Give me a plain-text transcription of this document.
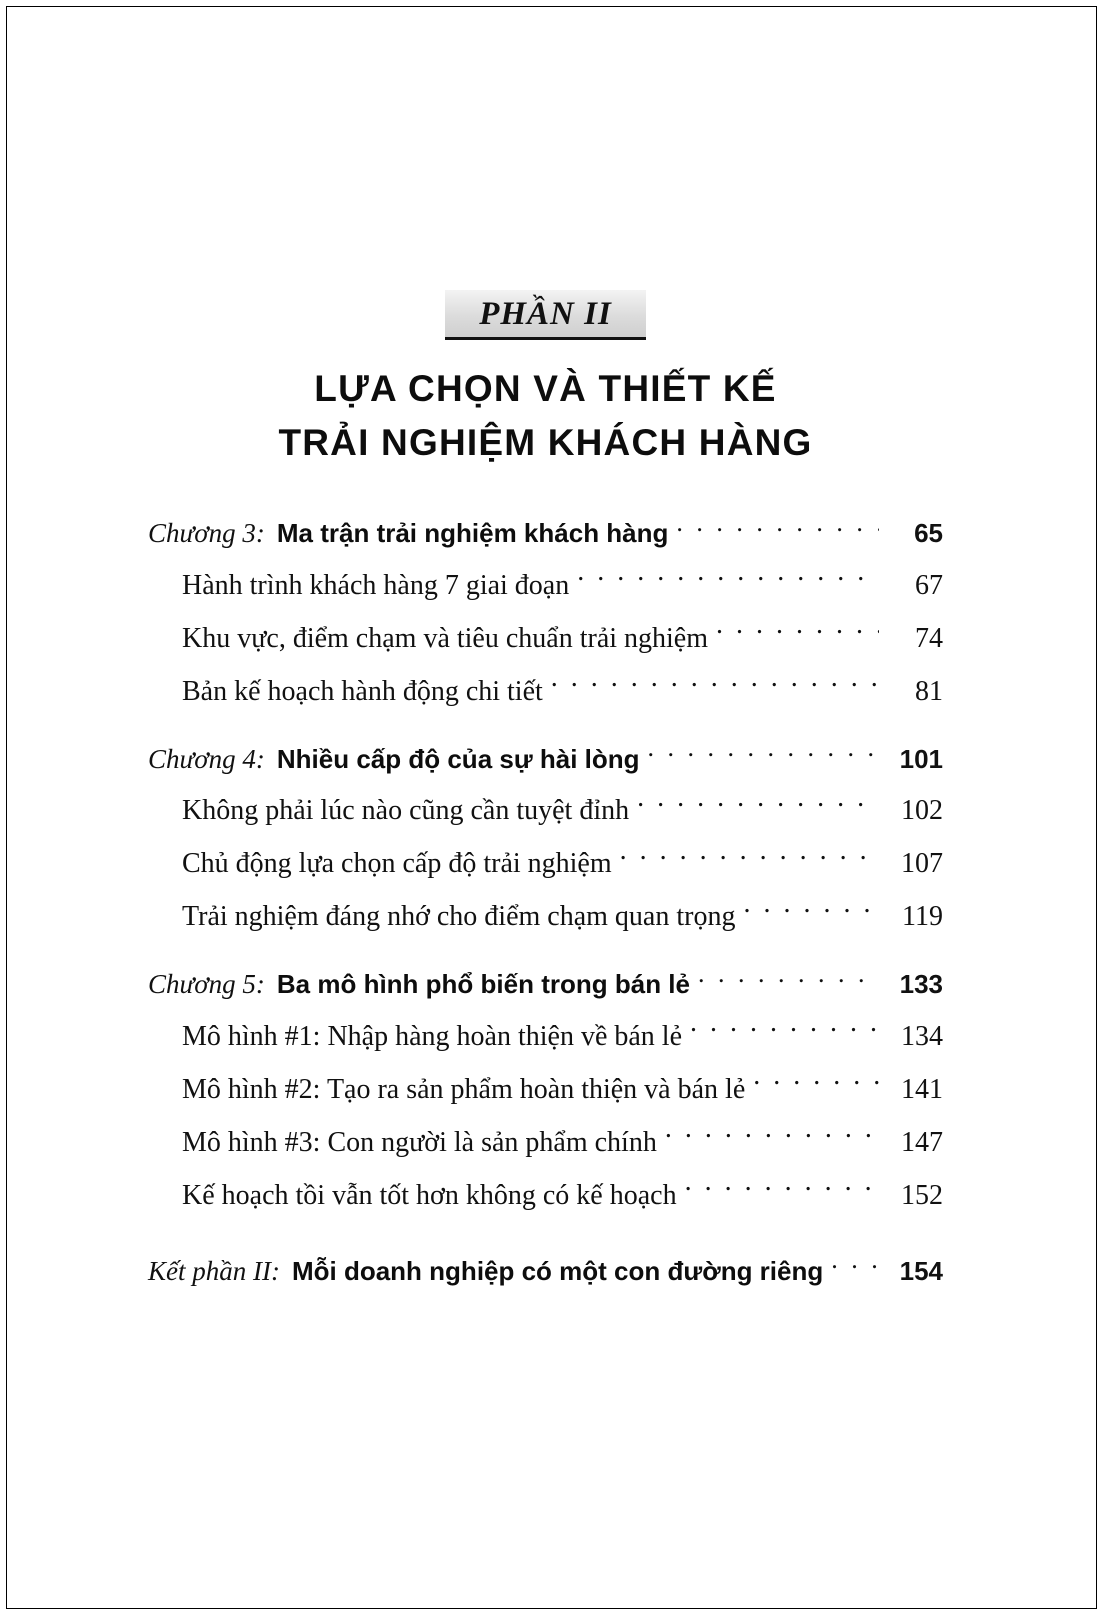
PHẦN II
LỰA CHỌN VÀ THIẾT KẾ
TRẢI NGHIỆM KHÁCH HÀNG
Chương 3: Ma trận trải nghiệm khách hàng . . .	65
Hành trình khách hàng 7 giai đoạn . . .	67
Khu vực, điểm chạm và tiêu chuẩn trải nghiệm . . .	74
Bản kế hoạch hành động chi tiết . . .	81
Chương 4: Nhiều cấp độ của sự hài lòng . . .	101
Không phải lúc nào cũng cần tuyệt đỉnh . . .	102
Chủ động lựa chọn cấp độ trải nghiệm . . .	107
Trải nghiệm đáng nhớ cho điểm chạm quan trọng . . .	119
Chương 5: Ba mô hình phổ biến trong bán lẻ . . .	133
Mô hình #1: Nhập hàng hoàn thiện về bán lẻ . . .	134
Mô hình #2: Tạo ra sản phẩm hoàn thiện và bán lẻ . . .	141
Mô hình #3: Con người là sản phẩm chính . . .	147
Kế hoạch tồi vẫn tốt hơn không có kế hoạch . . .	152
Kết phần II: Mỗi doanh nghiệp có một con đường riêng . . .	154
